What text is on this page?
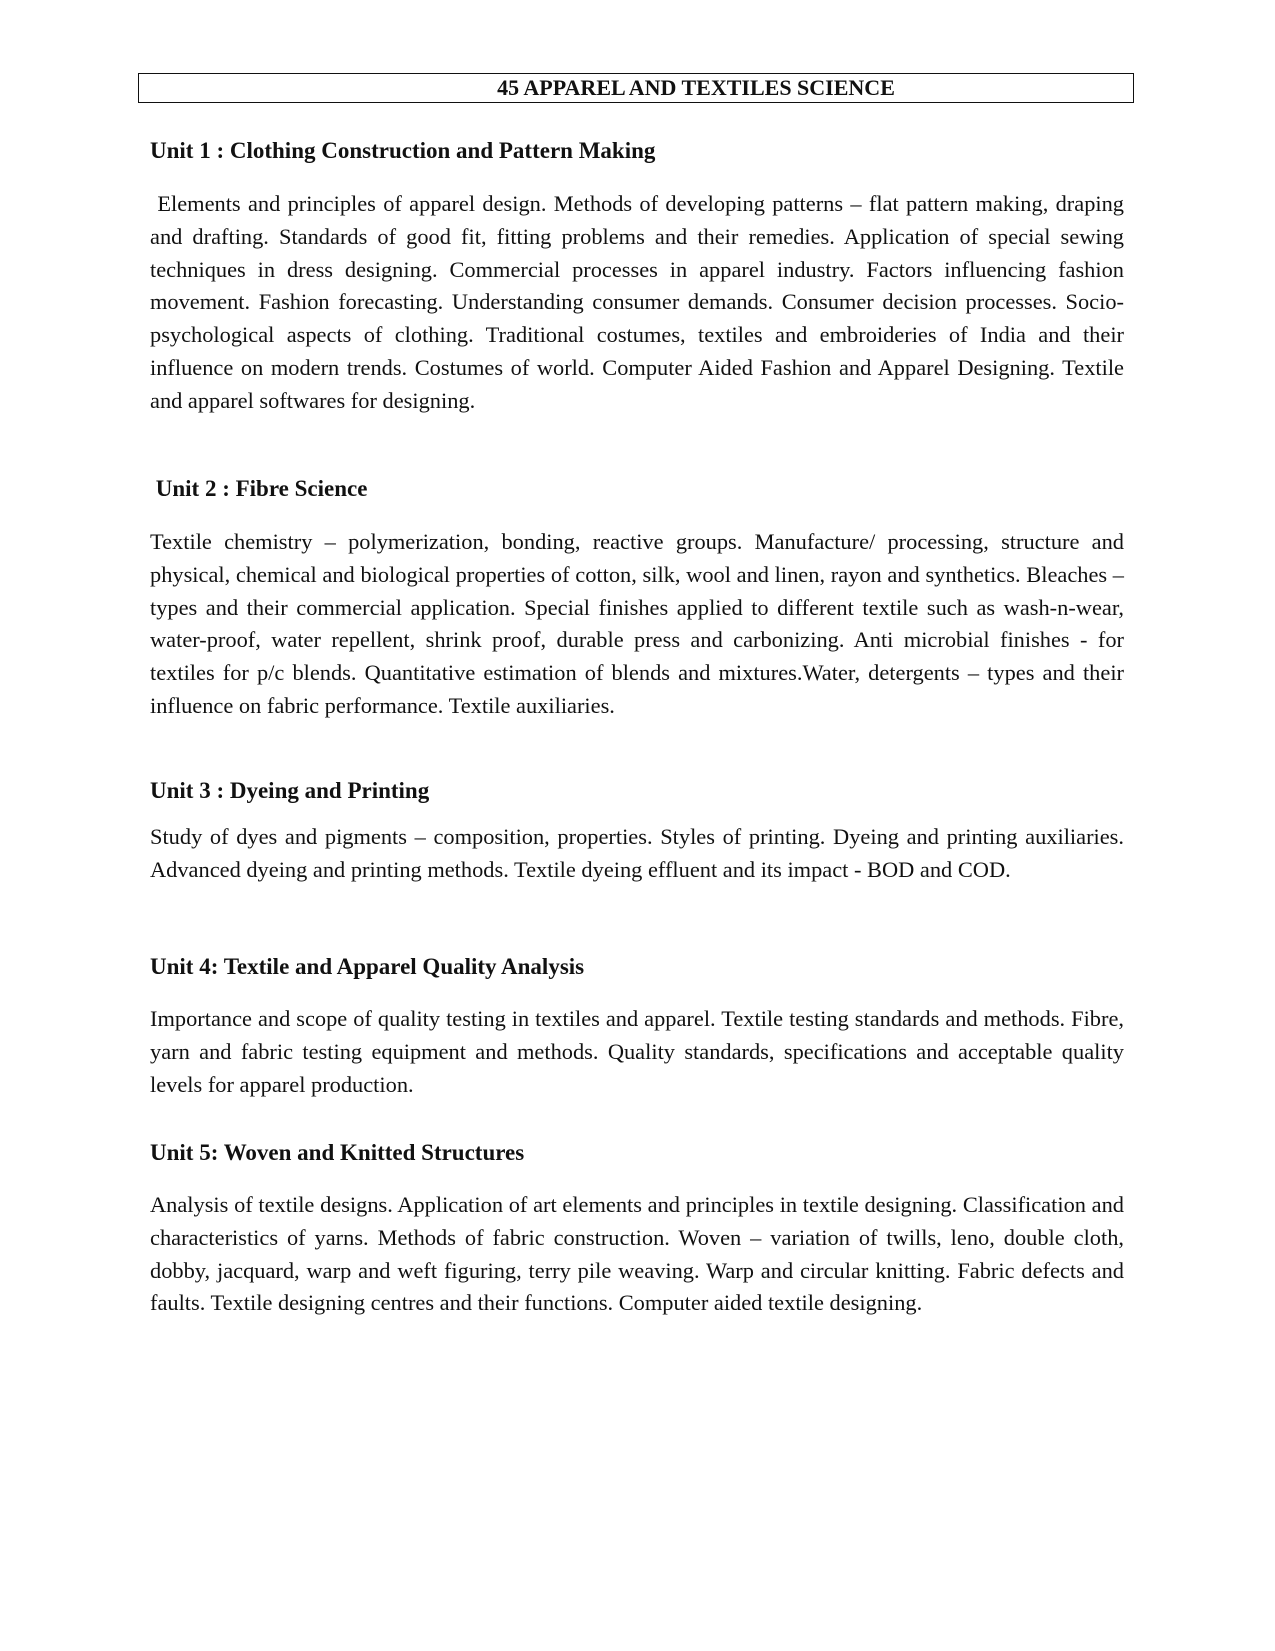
45 APPAREL AND TEXTILES SCIENCE
Unit 1 : Clothing Construction and Pattern Making

Elements and principles of apparel design. Methods of developing patterns – flat pattern making, draping and drafting. Standards of good fit, fitting problems and their remedies. Application of special sewing techniques in dress designing. Commercial processes in apparel industry. Factors influencing fashion movement. Fashion forecasting. Understanding consumer demands. Consumer decision processes. Socio-psychological aspects of clothing. Traditional costumes, textiles and embroideries of India and their influence on modern trends. Costumes of world. Computer Aided Fashion and Apparel Designing. Textile and apparel softwares for designing.

Unit 2 : Fibre Science

Textile chemistry – polymerization, bonding, reactive groups. Manufacture/ processing, structure and physical, chemical and biological properties of cotton, silk, wool and linen, rayon and synthetics. Bleaches –types and their commercial application. Special finishes applied to different textile such as wash-n-wear, water-proof, water repellent, shrink proof, durable press and carbonizing. Anti microbial finishes - for textiles for p/c blends. Quantitative estimation of blends and mixtures.Water, detergents – types and their influence on fabric performance. Textile auxiliaries.

Unit 3 : Dyeing and Printing

Study of dyes and pigments – composition, properties. Styles of printing. Dyeing and printing auxiliaries. Advanced dyeing and printing methods. Textile dyeing effluent and its impact - BOD and COD.

Unit 4: Textile and Apparel Quality Analysis

Importance and scope of quality testing in textiles and apparel. Textile testing standards and methods. Fibre, yarn and fabric testing equipment and methods. Quality standards, specifications and acceptable quality levels for apparel production.

Unit 5: Woven and Knitted Structures

Analysis of textile designs. Application of art elements and principles in textile designing. Classification and characteristics of yarns. Methods of fabric construction. Woven – variation of twills, leno, double cloth, dobby, jacquard, warp and weft figuring, terry pile weaving. Warp and circular knitting. Fabric defects and faults. Textile designing centres and their functions. Computer aided textile designing.
